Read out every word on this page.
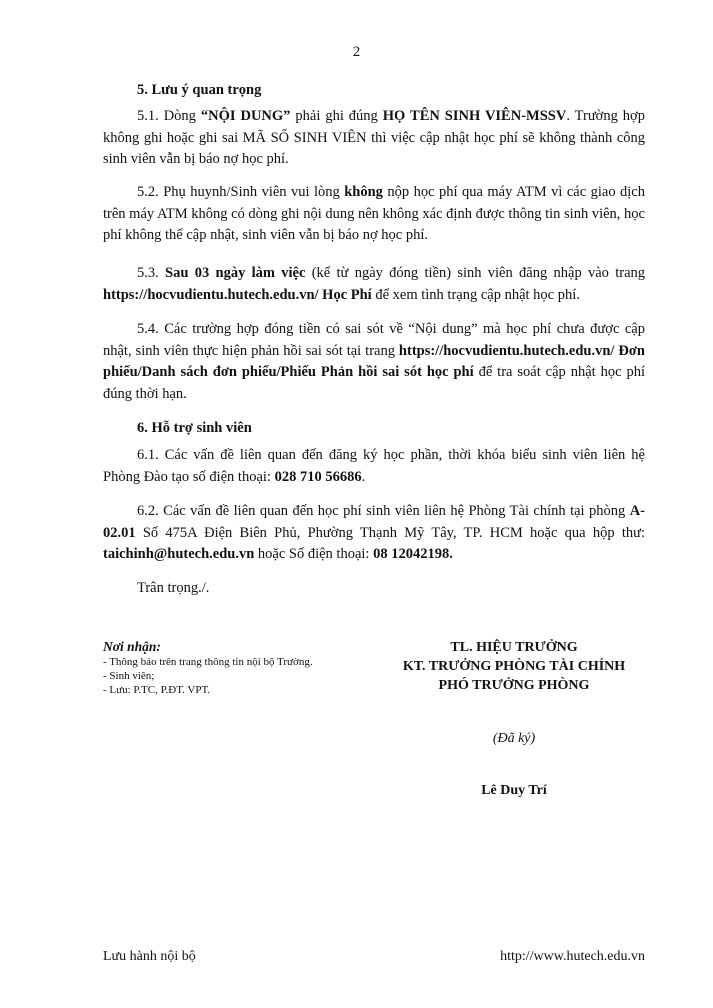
2
5. Lưu ý quan trọng

5.1. Dòng “NỘI DUNG” phải ghi đúng HỌ TÊN SINH VIÊN-MSSV. Trường hợp không ghi hoặc ghi sai MÃ SỐ SINH VIÊN thì việc cập nhật học phí sẽ không thành công sinh viên vẫn bị báo nợ học phí.

5.2. Phụ huynh/Sinh viên vui lòng không nộp học phí qua máy ATM vì các giao dịch trên máy ATM không có dòng ghi nội dung nên không xác định được thông tin sinh viên, học phí không thể cập nhật, sinh viên vẫn bị báo nợ học phí.

5.3. Sau 03 ngày làm việc (kể từ ngày đóng tiền) sinh viên đăng nhập vào trang https://hocvudientu.hutech.edu.vn/ Học Phí để xem tình trạng cập nhật học phí.

5.4. Các trường hợp đóng tiền có sai sót về “Nội dung” mà học phí chưa được cập nhật, sinh viên thực hiện phản hồi sai sót tại trang https://hocvudientu.hutech.edu.vn/ Đơn phiếu/Danh sách đơn phiếu/Phiếu Phản hồi sai sót học phí để tra soát cập nhật học phí đúng thời hạn.

6. Hỗ trợ sinh viên

6.1. Các vấn đề liên quan đến đăng ký học phần, thời khóa biểu sinh viên liên hệ Phòng Đào tạo số điện thoại: 028 710 56686.

6.2. Các vấn đề liên quan đến học phí sinh viên liên hệ Phòng Tài chính tại phòng A-02.01 Số 475A Điện Biên Phủ, Phường Thạnh Mỹ Tây, TP. HCM hoặc qua hộp thư: taichinh@hutech.edu.vn hoặc Số điện thoại: 08 12042198.

Trân trọng./.
Nơi nhận:
- Thông báo trên trang thông tin nội bộ Trường.
- Sinh viên;
- Lưu: P.TC, P.ĐT. VPT.
TL. HIỆU TRƯỞNG
KT. TRƯỞNG PHÒNG TÀI CHÍNH
PHÓ TRƯỞNG PHÒNG
(Đã ký)
Lê Duy Trí
Lưu hành nội bộ	http://www.hutech.edu.vn
